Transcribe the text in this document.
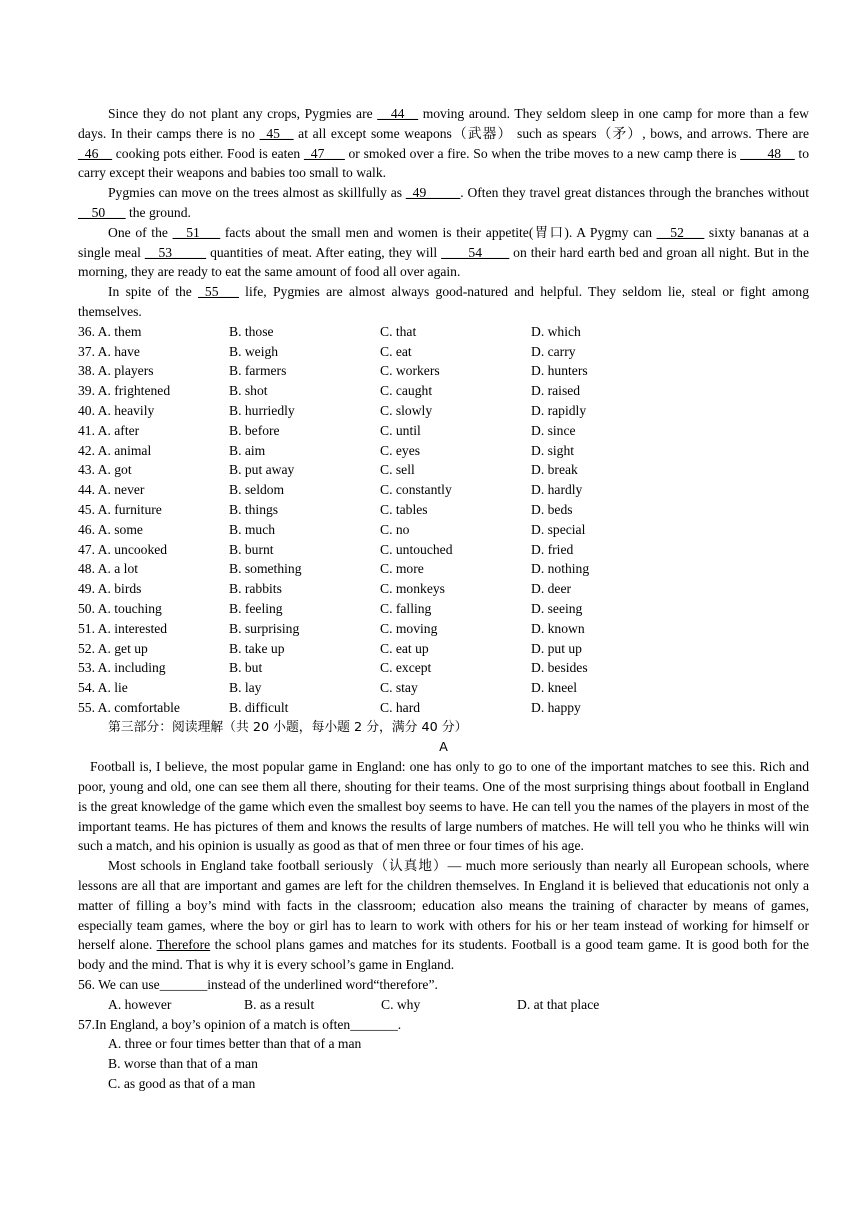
Since they do not plant any crops, Pygmies are __44__ moving around. They seldom sleep in one camp for more than a few days. In their camps there is no _45__ at all except some weapons（武器） such as spears（矛）, bows, and arrows. There are _46__ cooking pots either. Food is eaten _47___ or smoked over a fire. So when the tribe moves to a new camp there is ____48__ to carry except their weapons and babies too small to walk.

Pygmies can move on the trees almost as skillfully as _49_____. Often they travel great distances through the branches without __50___ the ground.

One of the __51___ facts about the small men and women is their appetite(胃口). A Pygmy can __52___ sixty bananas at a single meal __53_____ quantities of meat. After eating, they will ____54____ on their hard earth bed and groan all night. But in the morning, they are ready to eat the same amount of food all over again.

In spite of the _55___ life, Pygmies are almost always good-natured and helpful. They seldom lie, steal or fight among themselves.

36. A. them	B. those	C. that	D. which
37. A. have	B. weigh	C. eat	D. carry
38. A. players	B. farmers	C. workers	D. hunters
39. A. frightened	B. shot	C. caught	D. raised
40. A. heavily	B. hurriedly	C. slowly	D. rapidly
41. A. after	B. before	C. until	D. since
42. A. animal	B. aim	C. eyes	D. sight
43. A. got	B. put away	C. sell	D. break
44. A. never	B. seldom	C. constantly	D. hardly
45. A. furniture	B. things	C. tables	D. beds
46. A. some	B. much	C. no	D. special
47. A. uncooked	B. burnt	C. untouched	D. fried
48. A. a lot	B. something	C. more	D. nothing
49. A. birds	B. rabbits	C. monkeys	D. deer
50. A. touching	B. feeling	C. falling	D. seeing
51. A. interested	B. surprising	C. moving	D. known
52. A. get up	B. take up	C. eat up	D. put up
53. A. including	B. but	C. except	D. besides
54. A. lie	B. lay	C. stay	D. kneel
55. A. comfortable	B. difficult	C. hard	D. happy
第三部分：阅读理解（共 20 小题，每小题 2 分，满分 40 分）
A

Football is, I believe, the most popular game in England: one has only to go to one of the important matches to see this. Rich and poor, young and old, one can see them all there, shouting for their teams. One of the most surprising things about football in England is the great knowledge of the game which even the smallest boy seems to have. He can tell you the names of the players in most of the important teams. He has pictures of them and knows the results of large numbers of matches. He will tell you who he thinks will win such a match, and his opinion is usually as good as that of men three or four times of his age.

Most schools in England take football seriously（认真地）— much more seriously than nearly all European schools, where lessons are all that are important and games are left for the children themselves. In England it is believed that educationis not only a matter of filling a boy’s mind with facts in the classroom; education also means the training of character by means of games, especially team games, where the boy or girl has to learn to work with others for his or her team instead of working for himself or herself alone. Therefore the school plans games and matches for its students. Football is a good team game. It is good both for the body and the mind. That is why it is every school’s game in England.

56. We can use_______instead of the underlined word“therefore”.
A. however	B. as a result	C. why	D. at that place
57.In England, a boy’s opinion of a match is often_______.
A. three or four times better than that of a man
B. worse than that of a man
C. as good as that of a man
